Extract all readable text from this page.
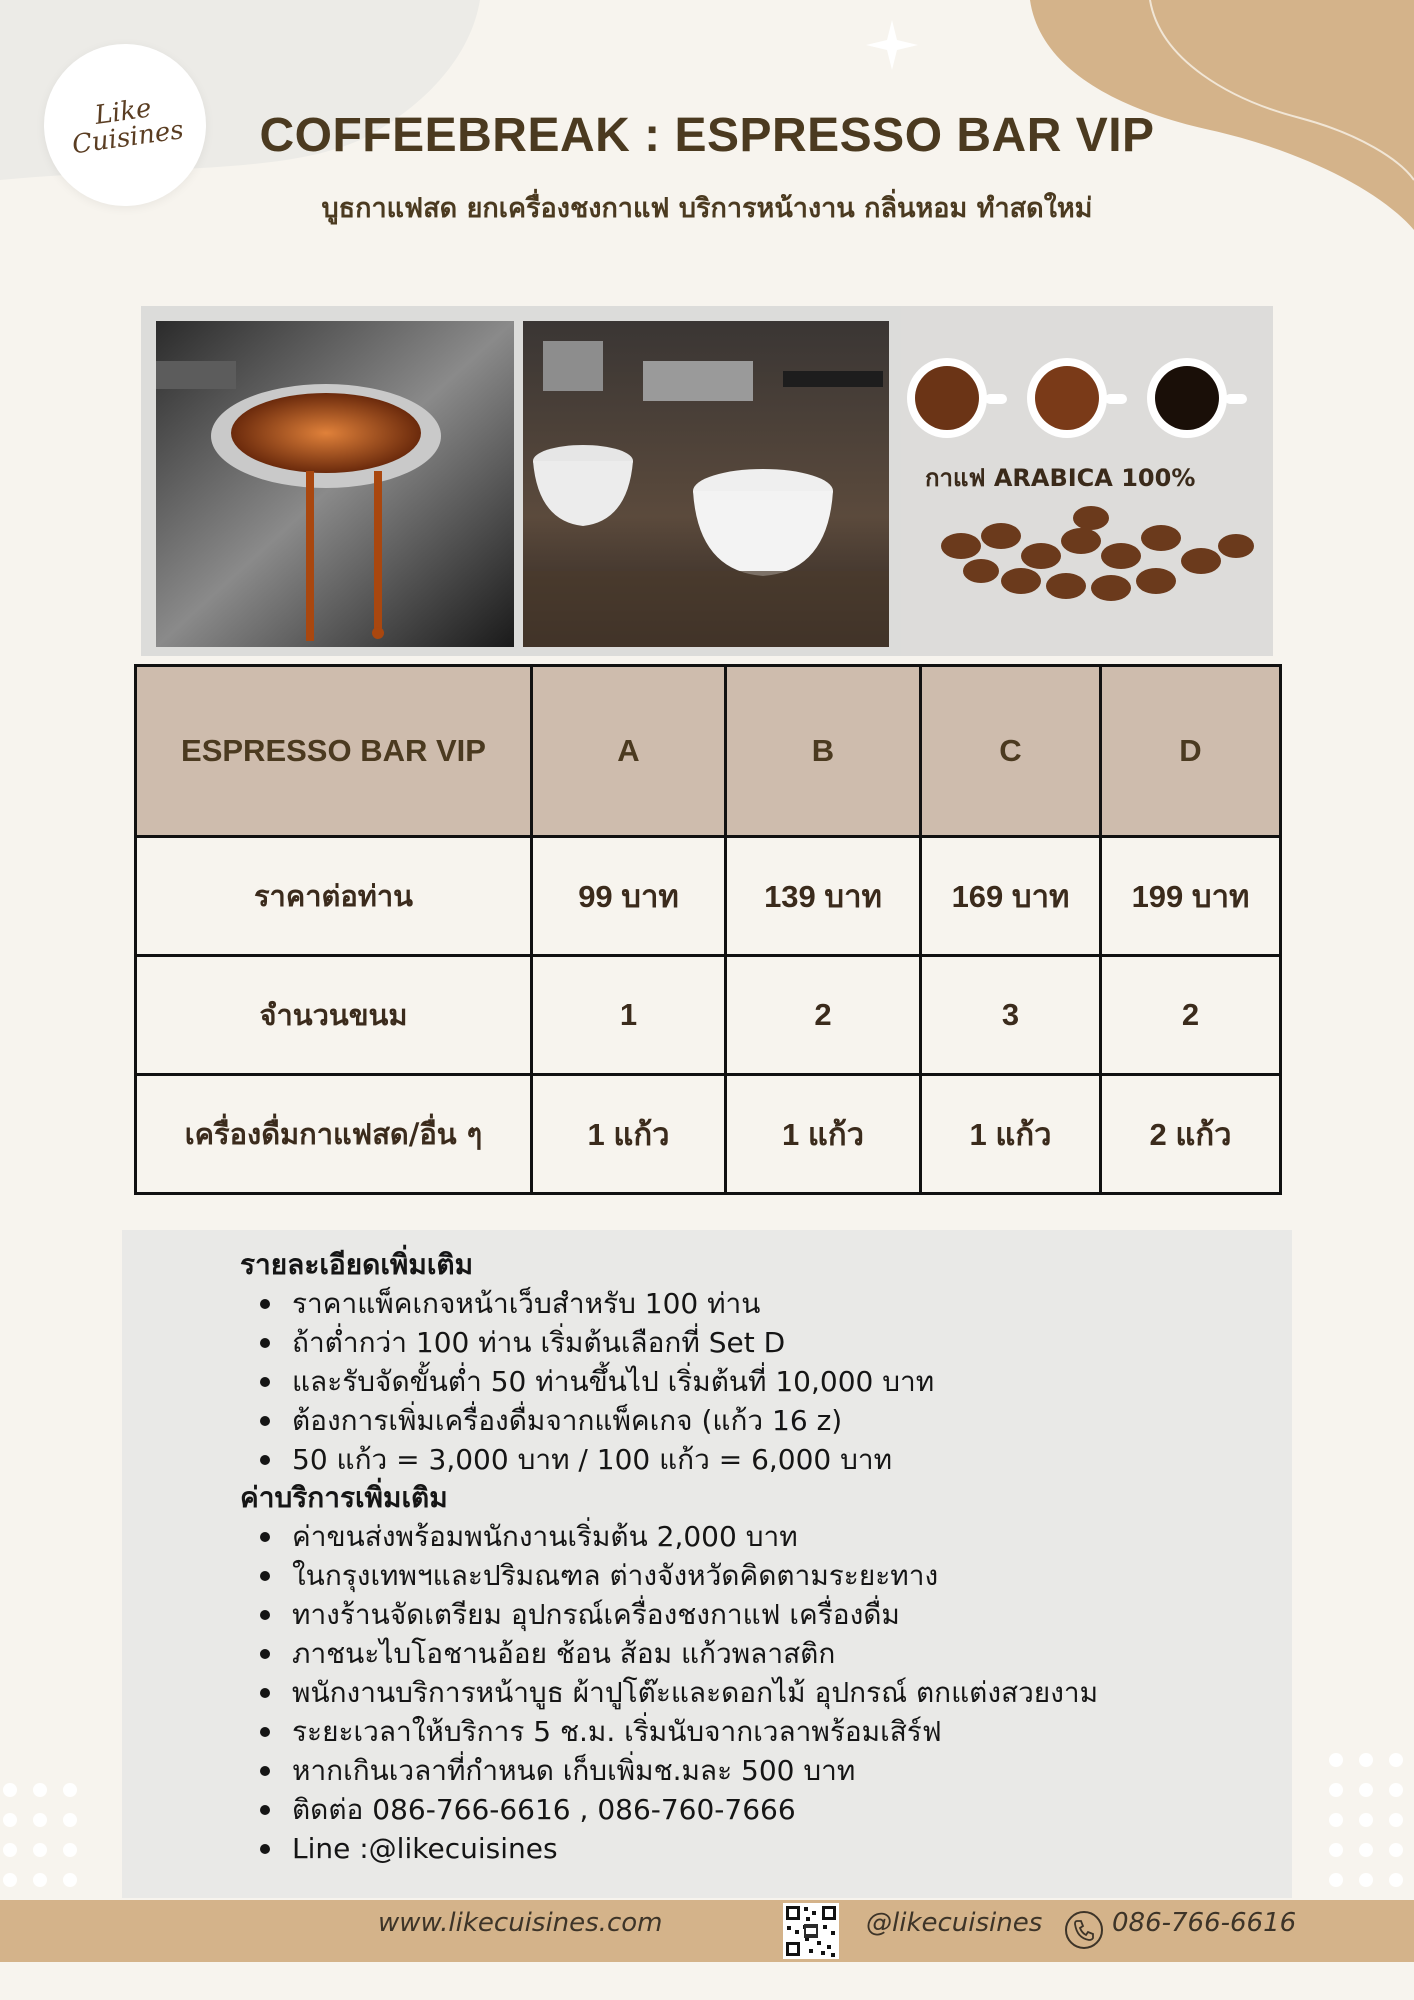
Like Cuisines	COFFEEBREAK : ESPRESSO BAR VIP

บูธกาแฟสด ยกเครื่องชงกาแฟ บริการหน้างาน กลิ่นหอม ทำสดใหม่

กาแฟ ARABICA 100%
ESPRESSO BAR VIP	A	B	C	D
ราคาต่อท่าน	99 บาท	139 บาท	169 บาท	199 บาท
จำนวนขนม	1	2	3	2
เครื่องดื่มกาแฟสด/อื่น ๆ	1 แก้ว	1 แก้ว	1 แก้ว	2 แก้ว

รายละเอียดเพิ่มเติม

ราคาแพ็คเกจหน้าเว็บสำหรับ 100 ท่าน
ถ้าต่ำกว่า 100 ท่าน เริ่มต้นเลือกที่ Set D
และรับจัดขั้นต่ำ 50 ท่านขึ้นไป เริ่มต้นที่ 10,000 บาท
ต้องการเพิ่มเครื่องดื่มจากแพ็คเกจ (แก้ว 16 z)
50 แก้ว = 3,000 บาท / 100 แก้ว = 6,000 บาท

ค่าบริการเพิ่มเติม

ค่าขนส่งพร้อมพนักงานเริ่มต้น 2,000 บาท
ในกรุงเทพฯและปริมณฑล ต่างจังหวัดคิดตามระยะทาง
ทางร้านจัดเตรียม อุปกรณ์เครื่องชงกาแฟ เครื่องดื่ม
ภาชนะไบโอชานอ้อย ช้อน ส้อม แก้วพลาสติก
พนักงานบริการหน้าบูธ ผ้าปูโต๊ะและดอกไม้ อุปกรณ์ ตกแต่งสวยงาม
ระยะเวลาให้บริการ 5 ช.ม. เริ่มนับจากเวลาพร้อมเสิร์ฟ
หากเกินเวลาที่กำหนด เก็บเพิ่มช.มละ 500 บาท
ติดต่อ 086-766-6616 , 086-760-7666
Line :@likecuisines
www.likecuisines.com	@likecuisines	086-766-6616
